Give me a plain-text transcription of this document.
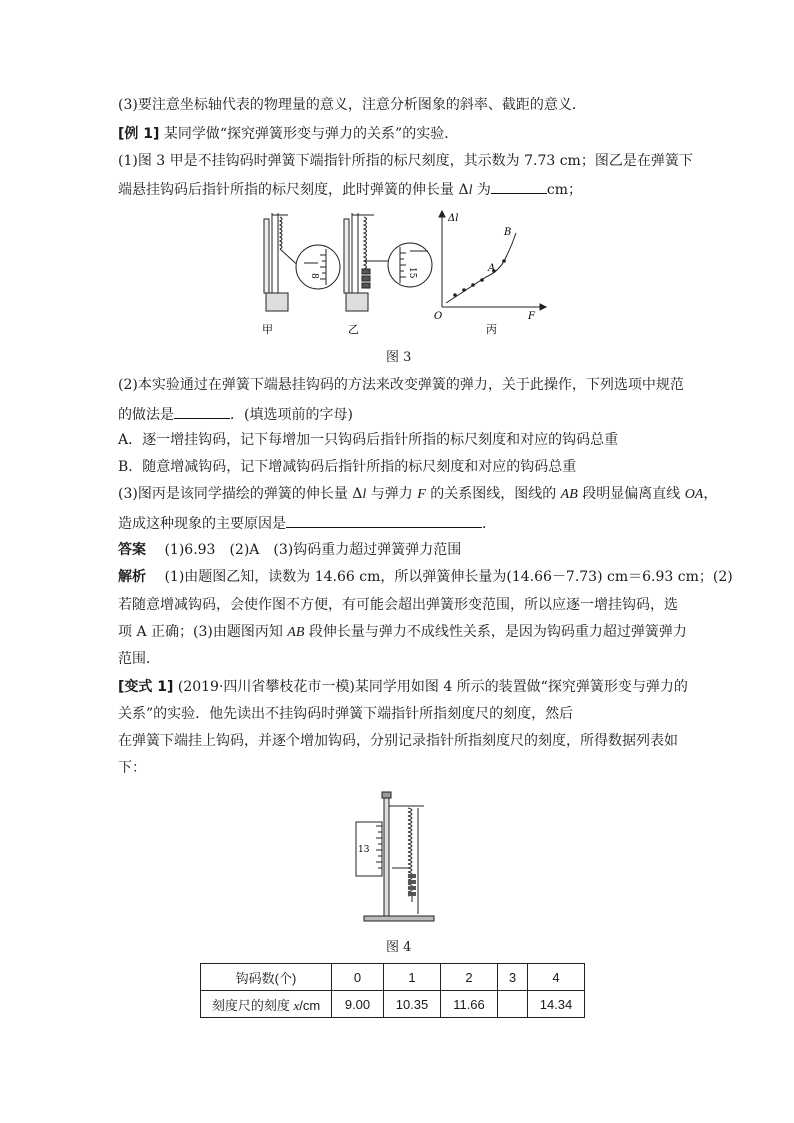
(3)要注意坐标轴代表的物理量的意义，注意分析图象的斜率、截距的意义．
[例 1] 某同学做“探究弹簧形变与弹力的关系”的实验．
(1)图 3 甲是不挂钩码时弹簧下端指针所指的标尺刻度，其示数为 7.73 cm；图乙是在弹簧下
端悬挂钩码后指针所指的标尺刻度，此时弹簧的伸长量 Δl 为	cm；
8	15
Δl
F
O
A
B
甲	乙	丙
图 3
(2)本实验通过在弹簧下端悬挂钩码的方法来改变弹簧的弹力，关于此操作，下列选项中规范
的做法是	．(填选项前的字母)
A．逐一增挂钩码，记下每增加一只钩码后指针所指的标尺刻度和对应的钩码总重
B．随意增减钩码，记下增减钩码后指针所指的标尺刻度和对应的钩码总重
(3)图丙是该同学描绘的弹簧的伸长量 Δl 与弹力 F 的关系图线，图线的 AB 段明显偏离直线 OA，
造成这种现象的主要原因是	．
答案　 (1)6.93　(2)A　(3)钩码重力超过弹簧弹力范围
解析　 (1)由题图乙知，读数为 14.66 cm，所以弹簧伸长量为(14.66－7.73) cm＝6.93 cm；(2)
若随意增减钩码，会使作图不方便，有可能会超出弹簧形变范围，所以应逐一增挂钩码，选
项 A 正确；(3)由题图丙知 AB 段伸长量与弹力不成线性关系，是因为钩码重力超过弹簧弹力
范围．
[变式 1] (2019·四川省攀枝花市一模)某同学用如图 4 所示的装置做“探究弹簧形变与弹力的
关系”的实验．他先读出不挂钩码时弹簧下端指针所指刻度尺的刻度，然后
在弹簧下端挂上钩码，并逐个增加钩码，分别记录指针所指刻度尺的刻度，所得数据列表如
下：
13
图 4
钩码数(个)	0	1	2	3	4
刻度尺的刻度 x/cm	9.00	10.35	11.66		14.34
